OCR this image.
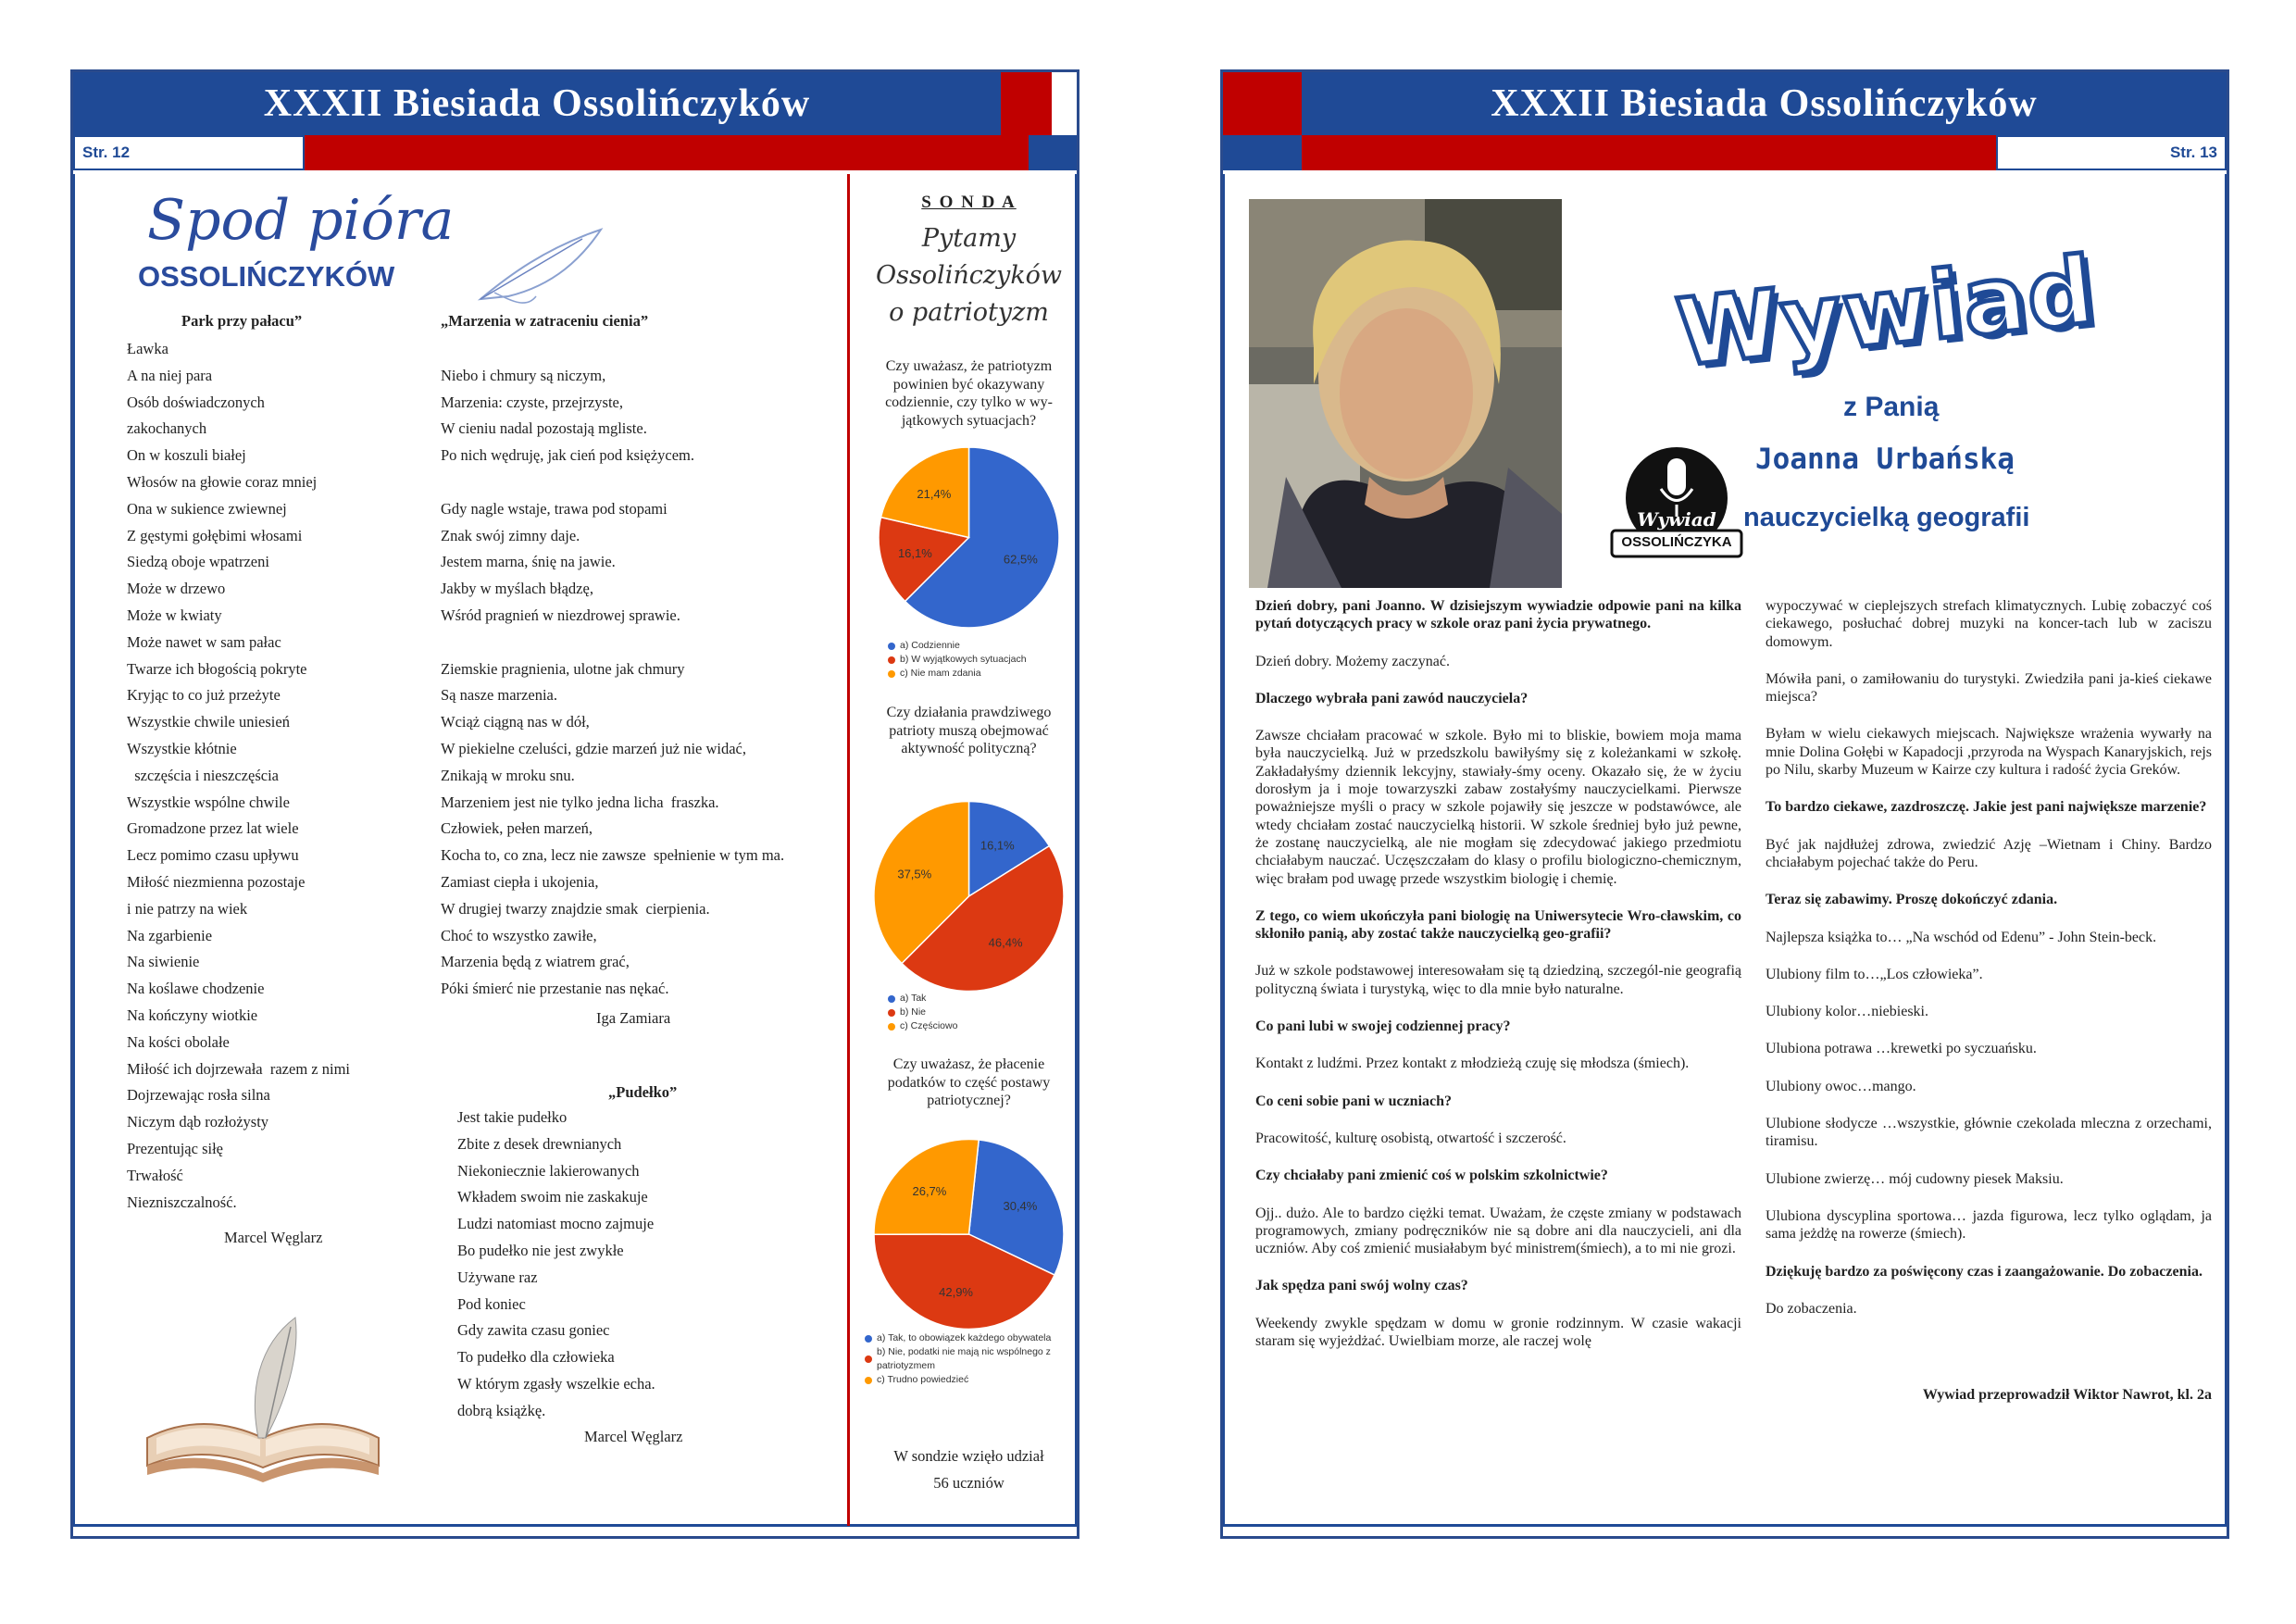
XXXII Biesiada Ossolińczyków
Str. 12
Spod pióra
OSSOLIŃCZYKÓW
Park przy pałacu”
Ławka
A na niej para
Osób doświadczonych
zakochanych
On w koszuli białej
Włosów na głowie coraz mniej
Ona w sukience zwiewnej
Z gęstymi gołębimi włosami
Siedzą oboje wpatrzeni
Może w drzewo
Może w kwiaty
Może nawet w sam pałac
Twarze ich błogością pokryte
Kryjąc to co już przeżyte
Wszystkie chwile uniesień
Wszystkie kłótnie
szczęścia i nieszczęścia
Wszystkie wspólne chwile
Gromadzone przez lat wiele
Lecz pomimo czasu upływu
Miłość niezmienna pozostaje
i nie patrzy na wiek
Na zgarbienie
Na siwienie
Na koślawe chodzenie
Na kończyny wiotkie
Na kości obolałe
Miłość ich dojrzewała  razem z nimi
Dojrzewając rosła silna
Niczym dąb rozłożysty
Prezentując siłę
Trwałość
Niezniszczalność.
Marcel Węglarz
„Marzenia w zatraceniu cienia”
Niebo i chmury są niczym,
Marzenia: czyste, przejrzyste,
W cieniu nadal pozostają mgliste.
Po nich wędruję, jak cień pod księżycem.
Gdy nagle wstaje, trawa pod stopami
Znak swój zimny daje.
Jestem marna, śnię na jawie.
Jakby w myślach błądzę,
Wśród pragnień w niezdrowej sprawie.
Ziemskie pragnienia, ulotne jak chmury
Są nasze marzenia.
Wciąż ciągną nas w dół,
W piekielne czeluści, gdzie marzeń już nie widać,
Znikają w mroku snu.
Marzeniem jest nie tylko jedna licha  fraszka.
Człowiek, pełen marzeń,
Kocha to, co zna, lecz nie zawsze  spełnienie w tym ma.
Zamiast ciepła i ukojenia,
W drugiej twarzy znajdzie smak  cierpienia.
Choć to wszystko zawiłe,
Marzenia będą z wiatrem grać,
Póki śmierć nie przestanie nas nękać.
Iga Zamiara
„Pudełko”
Jest takie pudełko
Zbite z desek drewnianych
Niekoniecznie lakierowanych
Wkładem swoim nie zaskakuje
Ludzi natomiast mocno zajmuje
Bo pudełko nie jest zwykłe
Używane raz
Pod koniec
Gdy zawita czasu goniec
To pudełko dla człowieka
W którym zgasły wszelkie echa.
dobrą książkę.
Marcel Węglarz
S O N D A
Pytamy
Ossolińczyków
o patriotyzm
Czy uważasz, że patriotyzm powinien być okazywany codziennie, czy tylko w wy-jątkowych sytuacjach?
62,5%
16,1%
21,4%
a) Codziennie
b) W wyjątkowych sytuacjach
c) Nie mam zdania
Czy działania prawdziwego patrioty muszą obejmować aktywność polityczną?
16,1%
46,4%
37,5%
a) Tak
b) Nie
c) Częściowo
Czy uważasz, że płacenie podatków to część postawy patriotycznej?
30,4%
42,9%
26,7%
a) Tak, to obowiązek każdego obywatela
b) Nie, podatki nie mają nic wspólnego z patriotyzmem
c) Trudno powiedzieć
W sondzie wzięło udział
56 uczniów
XXXII Biesiada Ossolińczyków
Str. 13
Wywiad
z Panią
Joanna Urbańską
nauczycielką geografii
Wywiad
OSSOLIŃCZYKA

Dzień dobry, pani Joanno. W dzisiejszym wywiadzie odpowie pani na kilka pytań dotyczących pracy w szkole oraz pani życia prywatnego.

Dzień dobry. Możemy zaczynać.

Dlaczego wybrała pani zawód nauczyciela?

Zawsze chciałam pracować w szkole. Było mi to bliskie, bowiem moja mama była nauczycielką. Już w przedszkolu bawiłyśmy się z koleżankami w szkołę. Zakładałyśmy dziennik lekcyjny, stawiały-śmy oceny. Okazało się, że w życiu dorosłym ja i moje towarzyszki zabaw zostałyśmy nauczycielkami. Pierwsze poważniejsze myśli o pracy w szkole pojawiły się jeszcze w podstawówce, ale wtedy chciałam zostać nauczycielką historii. W szkole średniej było już pewne, że zostanę nauczycielką, ale nie mogłam się zdecydować jakiego przedmiotu chciałabym nauczać. Uczęszczałam do klasy o profilu biologiczno-chemicznym, więc brałam pod uwagę przede wszystkim biologię i chemię.

Z tego, co wiem ukończyła pani biologię na Uniwersytecie Wro-cławskim, co skłoniło panią, aby zostać także nauczycielką geo-grafii?

Już w szkole podstawowej interesowałam się tą dziedziną, szczegól-nie geografią polityczną świata i turystyką, więc to dla mnie było naturalne.

Co pani lubi w swojej codziennej pracy?

Kontakt z ludźmi. Przez kontakt z młodzieżą czuję się młodsza (śmiech).

Co ceni sobie pani w uczniach?

Pracowitość, kulturę osobistą, otwartość i szczerość.

Czy chciałaby pani zmienić coś w polskim szkolnictwie?

Ojj.. dużo. Ale to bardzo ciężki temat. Uważam, że częste zmiany w podstawach programowych, zmiany podręczników nie są dobre ani dla nauczycieli, ani dla uczniów. Aby coś zmienić musiałabym być ministrem(śmiech), a to mi nie grozi.

Jak spędza pani swój wolny czas?

Weekendy zwykle spędzam w domu w gronie rodzinnym. W czasie wakacji staram się wyjeżdżać. Uwielbiam morze, ale raczej wolę

wypoczywać w cieplejszych strefach klimatycznych. Lubię zobaczyć coś ciekawego, posłuchać dobrej muzyki na koncer-tach lub w zaciszu domowym.

Mówiła pani, o zamiłowaniu do turystyki. Zwiedziła pani ja-kieś ciekawe miejsca?

Byłam w wielu ciekawych miejscach. Największe wrażenia wywarły na mnie Dolina Gołębi w Kapadocji ,przyroda na Wyspach Kanaryjskich, rejs po Nilu, skarby Muzeum w Kairze czy kultura i radość życia Greków.

To bardzo ciekawe, zazdroszczę. Jakie jest pani największe marzenie?

Być jak najdłużej zdrowa, zwiedzić Azję –Wietnam i Chiny. Bardzo chciałabym pojechać także do Peru.

Teraz się zabawimy. Proszę dokończyć zdania.

Najlepsza książka to… „Na wschód od Edenu” - John Stein-beck.

Ulubiony film to…„Los człowieka”.

Ulubiony kolor…niebieski.

Ulubiona potrawa …krewetki po syczuańsku.

Ulubiony owoc…mango.

Ulubione słodycze …wszystkie, głównie czekolada mleczna z orzechami, tiramisu.

Ulubione zwierzę… mój cudowny piesek Maksiu.

Ulubiona dyscyplina sportowa… jazda figurowa, lecz tylko oglądam, ja sama jeżdżę na rowerze (śmiech).

Dziękuję bardzo za poświęcony czas i zaangażowanie. Do zobaczenia.

Do zobaczenia.

Wywiad przeprowadził Wiktor Nawrot, kl. 2a
